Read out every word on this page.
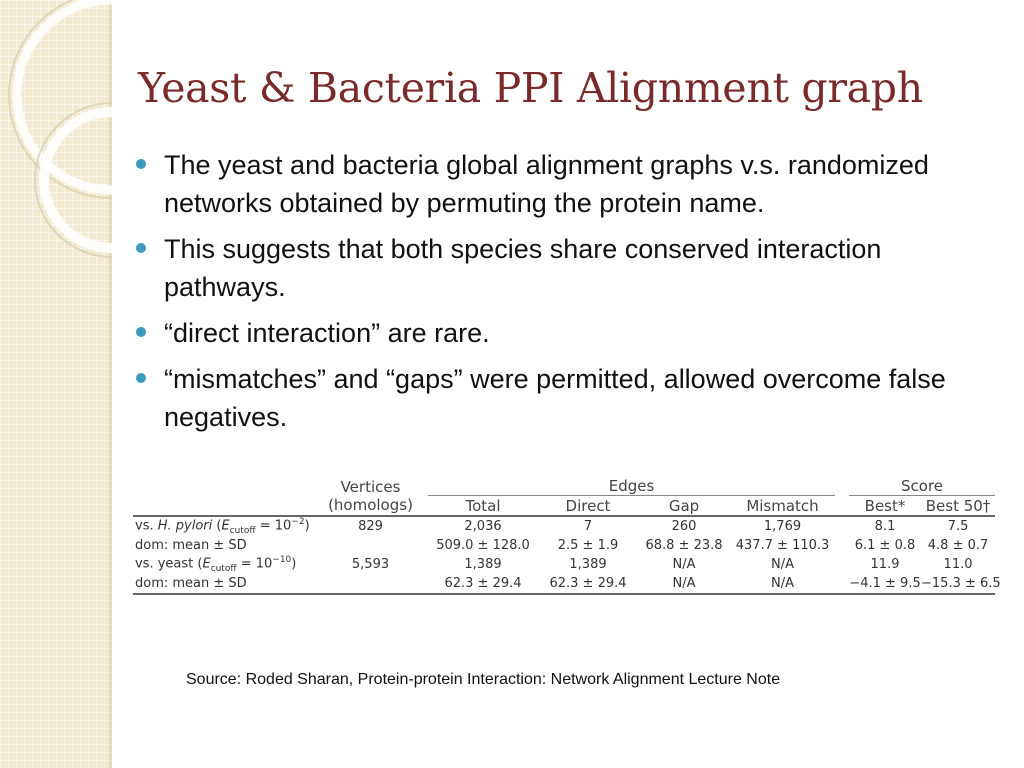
Yeast & Bacteria PPI Alignment graph
The yeast and bacteria global alignment graphs v.s. randomized networks obtained by permuting the protein name.
This suggests that both species share conserved interaction pathways.
“direct interaction” are rare.
“mismatches” and “gaps” were permitted, allowed overcome false negatives.
	Vertices	Edges					Score	
	(homologs)	Total	Direct	Gap	Mismatch		Best*	Best 50†
vs. H. pylori $(E_{cutoff} = 10^{-2})$	829	2,036	7	260	1,769		8.1	7.5
dom: mean ± SD		509.0 ± 128.0	2.5 ± 1.9	68.8 ± 23.8	437.7 ± 110.3		6.1 ± 0.8	4.8 ± 0.7
vs. yeast $(E_{cutoff} = 10^{-10})$	5,593	1,389	1,389	N/A	N/A		11.9	11.0
dom: mean ± SD		62.3 ± 29.4	62.3 ± 29.4	N/A	N/A		−4.1 ± 9.5	−15.3 ± 6.5
Source: Roded Sharan, Protein-protein Interaction: Network Alignment Lecture Note
